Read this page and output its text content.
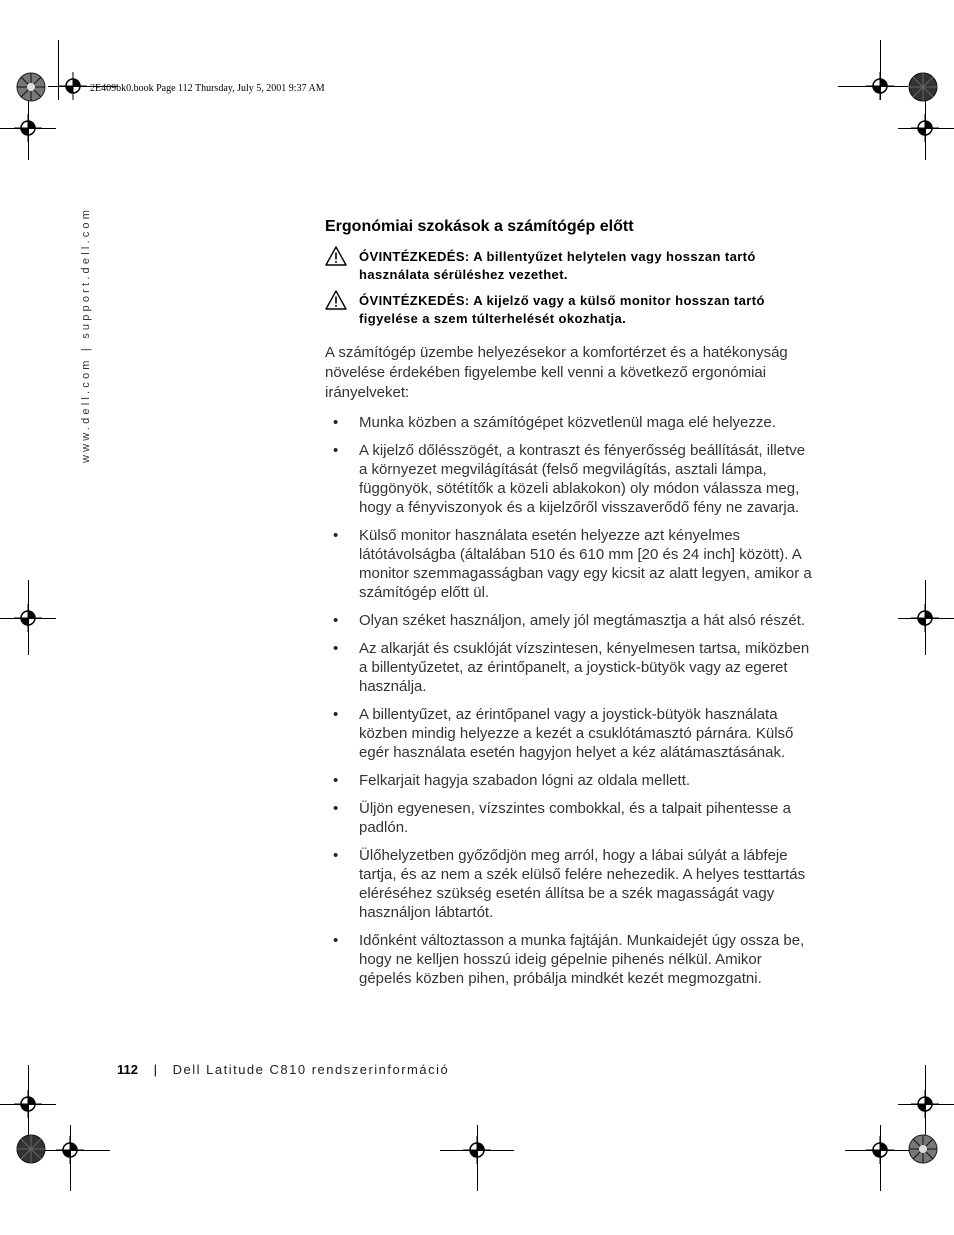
2E409bk0.book Page 112 Thursday, July 5, 2001 9:37 AM
www.dell.com | support.dell.com	Ergonómiai szokások a számítógép előtt
ÓVINTÉZKEDÉS: A billentyűzet helytelen vagy hosszan tartó használata sérüléshez vezethet.
ÓVINTÉZKEDÉS: A kijelző vagy a külső monitor hosszan tartó figyelése a szem túlterhelését okozhatja.

A számítógép üzembe helyezésekor a komfortérzet és a hatékonyság növelése érdekében figyelembe kell venni a következő ergonómiai irányelveket:

• Munka közben a számítógépet közvetlenül maga elé helyezze.
• A kijelző dőlésszögét, a kontraszt és fényerősség beállítását, illetve a környezet megvilágítását (felső megvilágítás, asztali lámpa, függönyök, sötétítők a közeli ablakokon) oly módon válassza meg, hogy a fényviszonyok és a kijelzőről visszaverődő fény ne zavarja.
• Külső monitor használata esetén helyezze azt kényelmes látótávolságba (általában 510 és 610 mm [20 és 24 inch] között). A monitor szemmagasságban vagy egy kicsit az alatt legyen, amikor a számítógép előtt ül.
• Olyan széket használjon, amely jól megtámasztja a hát alsó részét.
• Az alkarját és csuklóját vízszintesen, kényelmesen tartsa, miközben a billentyűzetet, az érintőpanelt, a joystick-bütyök vagy az egeret használja.
• A billentyűzet, az érintőpanel vagy a joystick-bütyök használata közben mindig helyezze a kezét a csuklótámasztó párnára. Külső egér használata esetén hagyjon helyet a kéz alátámasztásának.
• Felkarjait hagyja szabadon lógni az oldala mellett.
• Üljön egyenesen, vízszintes combokkal, és a talpait pihentesse a padlón.
• Ülőhelyzetben győződjön meg arról, hogy a lábai súlyát a lábfeje tartja, és az nem a szék elülső felére nehezedik. A helyes testtartás eléréséhez szükség esetén állítsa be a szék magasságát vagy használjon lábtartót.
• Időnként változtasson a munka fajtáján. Munkaidejét úgy ossza be, hogy ne kelljen hosszú ideig gépelnie pihenés nélkül. Amikor gépelés közben pihen, próbálja mindkét kezét megmozgatni.
112 | Dell Latitude C810 rendszerinformáció
